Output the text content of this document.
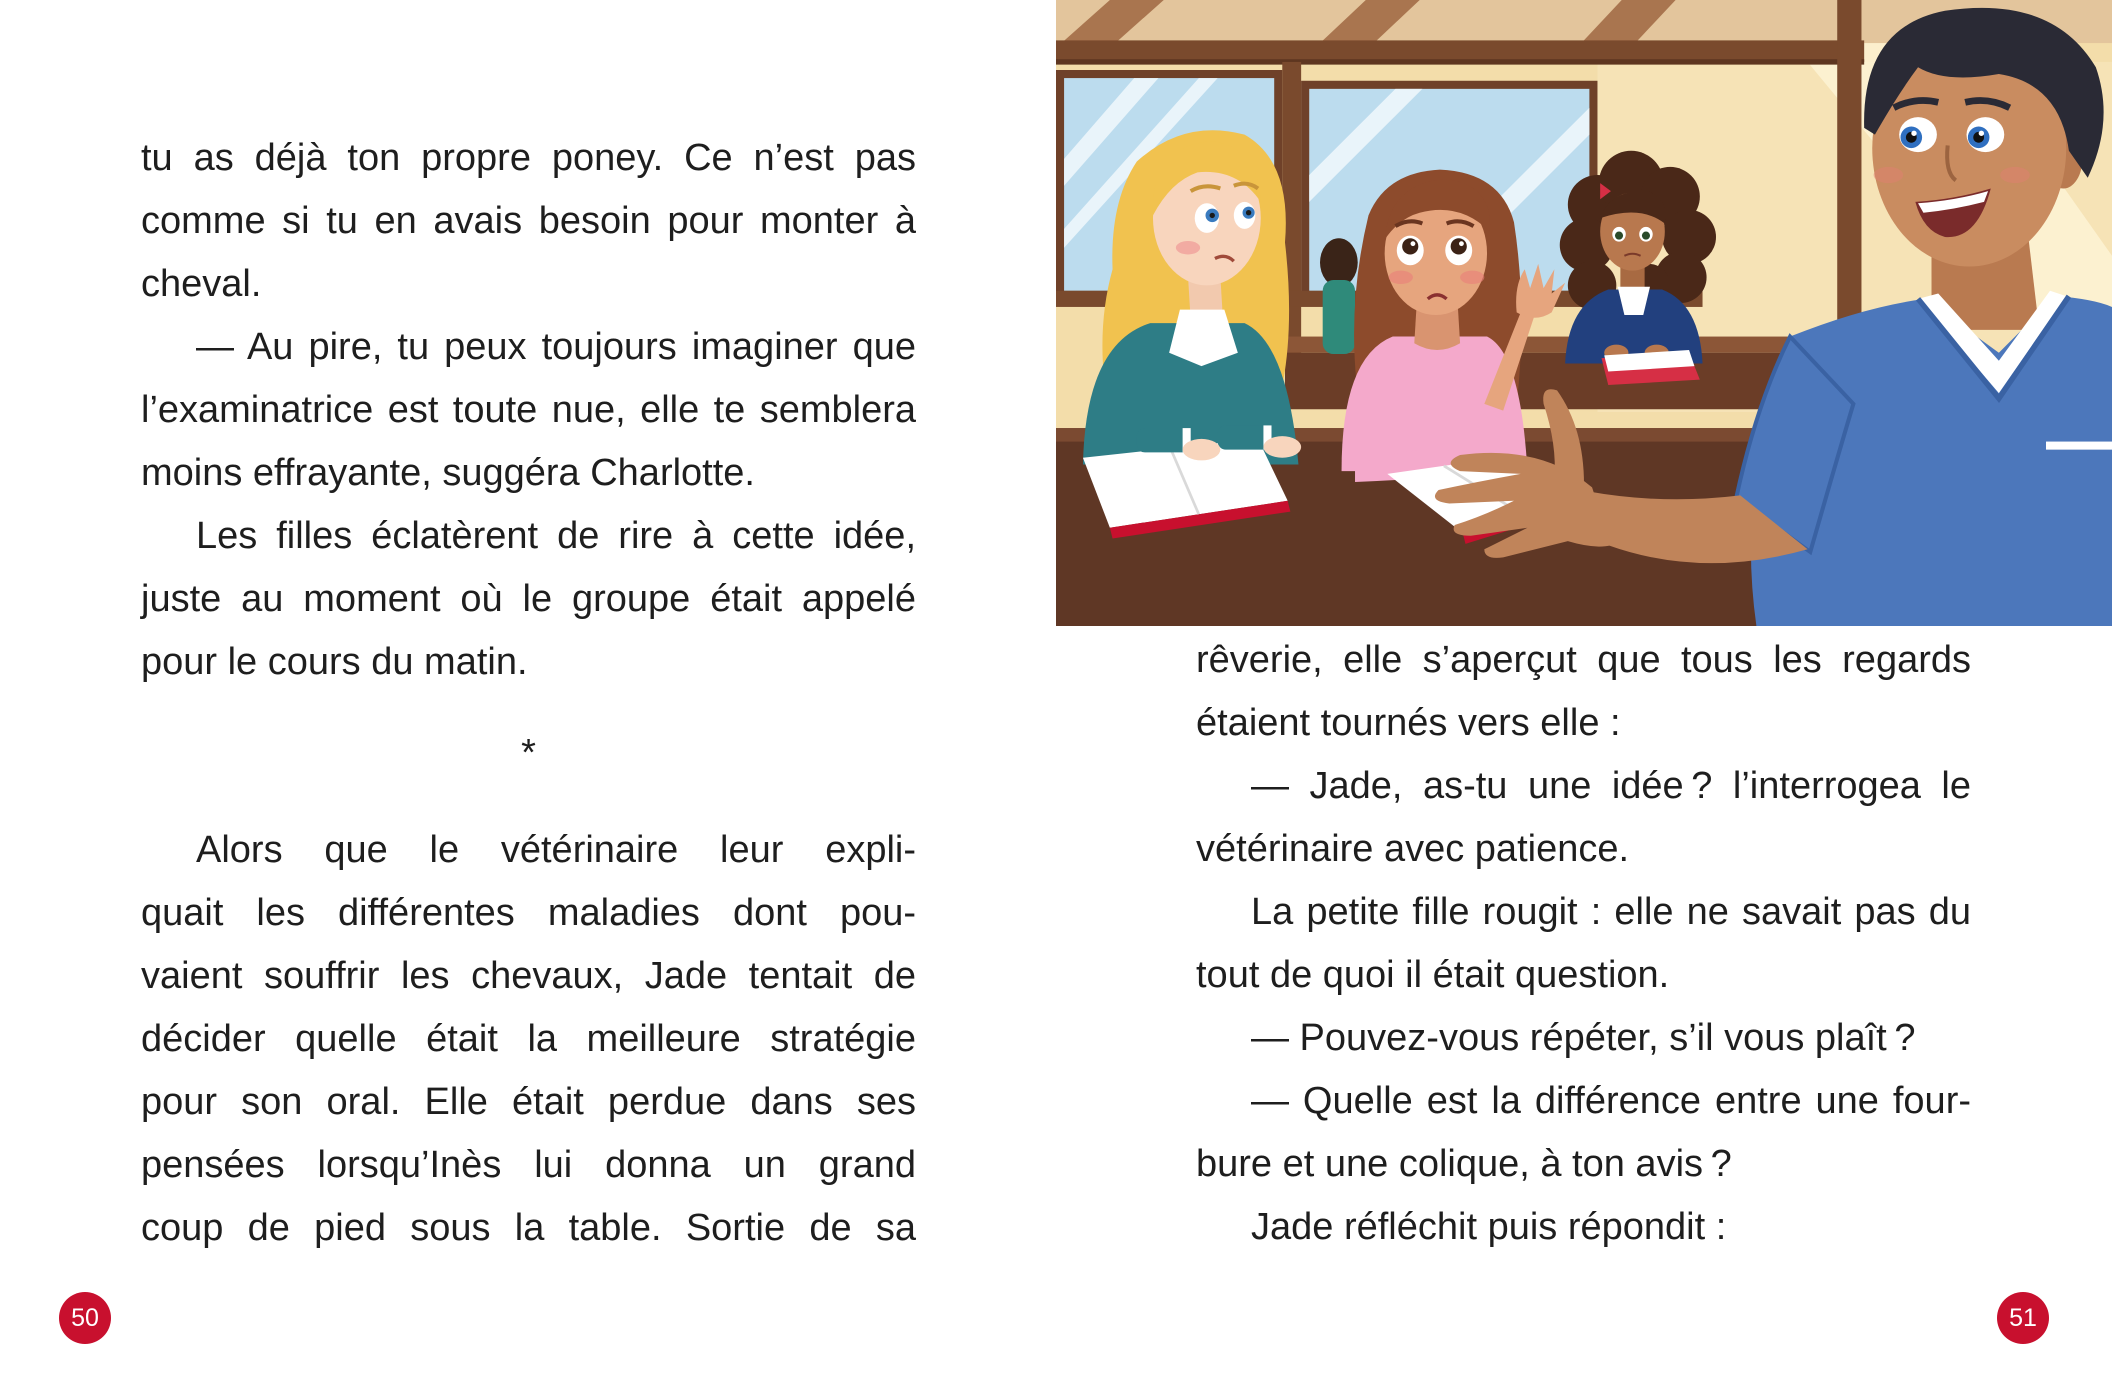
tu as déjà ton propre poney. Ce n’est pas
comme si tu en avais besoin pour monter à
cheval.
— Au pire, tu peux toujours imaginer que
l’examinatrice est toute nue, elle te semblera
moins effrayante, suggéra Charlotte.
Les filles éclatèrent de rire à cette idée,
juste au moment où le groupe était appelé
pour le cours du matin.
*
Alors que le vétérinaire leur expli-
quait les différentes maladies dont pou-
vaient souffrir les chevaux, Jade tentait de
décider quelle était la meilleure stratégie
pour son oral. Elle était perdue dans ses
pensées lorsqu’Inès lui donna un grand
coup de pied sous la table. Sortie de sa
50
rêverie, elle s’aperçut que tous les regards
étaient tournés vers elle :
— Jade, as-tu une idée ? l’interrogea le
vétérinaire avec patience.
La petite fille rougit : elle ne savait pas du
tout de quoi il était question.
— Pouvez-vous répéter, s’il vous plaît ?
— Quelle est la différence entre une four-
bure et une colique, à ton avis ?
Jade réfléchit puis répondit :
51
